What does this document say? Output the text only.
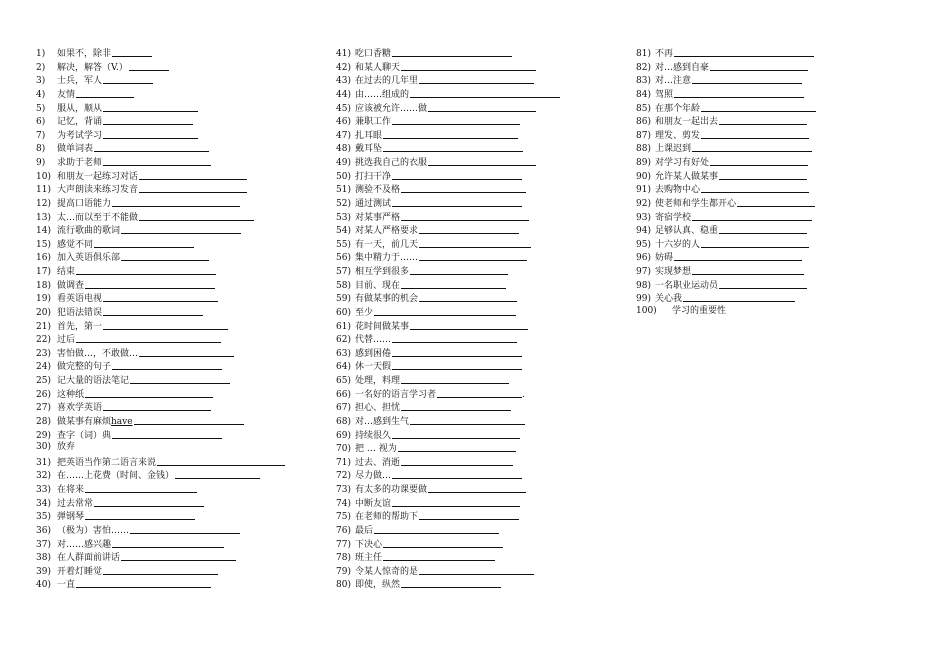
1)	如果不，除非
2)	解决，解答（V.）
3)	士兵，军人
4)	友情
5)	服从，顺从
6)	记忆，背诵
7)	为考试学习
8)	做单词表
9)	求助于老师
10) 和朋友一起练习对话
11) 大声朗读来练习发音
12) 提高口语能力
13) 太…而以至于不能做
14) 流行歌曲的歌词
15) 感觉不同
16) 加入英语俱乐部
17) 结束
18) 做调查
19) 看英语电视
20) 犯语法错误
21) 首先，第一
22) 过后
23) 害怕做…，不敢做…
24) 做完整的句子
25) 记大量的语法笔记
26) 这种纸
27) 喜欢学英语
28) 做某事有麻烦 have
29) 查字（词）典
30) 放弃
31) 把英语当作第二语言来说
32) 在……上花费（时间、金钱）
33) 在将来
34) 过去常常
35) 弹钢琴
36) （极为）害怕……
37) 对……感兴趣
38) 在人群面前讲话
39) 开着灯睡觉
40) 一直
41) 吃口香糖
42) 和某人聊天
43) 在过去的几年里
44) 由……组成的
45) 应该被允许……做
46) 兼职工作
47) 扎耳眼
48) 戴耳坠
49) 挑选我自己的衣服
50) 打扫干净
51) 测验不及格
52) 通过测试
53) 对某事严格
54) 对某人严格要求
55) 有一天，前几天
56) 集中精力于……
57) 相互学到很多
58) 目前、现在
59) 有做某事的机会
60) 至少
61) 花时间做某事
62) 代替……
63) 感到困倦
64) 休一天假
65) 处理，料理
66) 一名好的语言学习者	.
67) 担心、担忧
68) 对…感到生气
69) 持续很久
70) 把 … 视为
71) 过去、消逝
72) 尽力做…
73) 有太多的功课要做
74) 中断友谊
75) 在老师的帮助下
76) 最后
77) 下决心
78) 班主任
79) 令某人惊奇的是
80) 即使，纵然
81) 不再
82) 对…感到自豪
83) 对…注意
84) 驾照
85) 在那个年龄
86) 和朋友一起出去
87) 理发、剪发
88) 上课迟到
89) 对学习有好处
90) 允许某人做某事
91) 去购物中心
92) 使老师和学生都开心
93) 寄宿学校
94) 足够认真、稳重
95) 十六岁的人
96) 妨碍
97) 实现梦想
98) 一名职业运动员
99) 关心我
100)	学习的重要性
